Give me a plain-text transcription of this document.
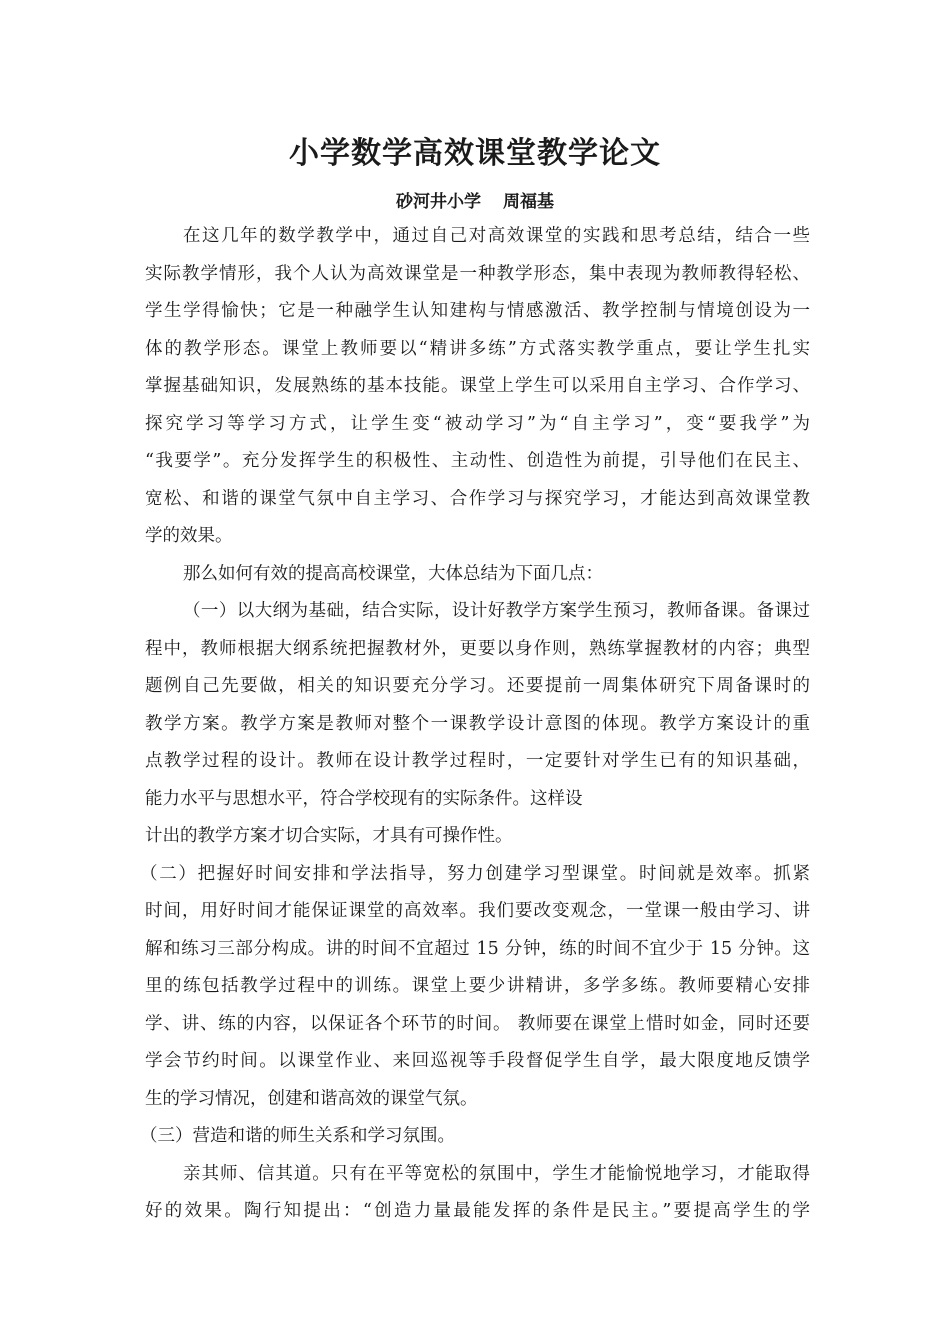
小学数学高效课堂教学论文
砂河井小学 周福基
在这几年的数学教学中，通过自己对高效课堂的实践和思考总结，结合一些
实际教学情形，我个人认为高效课堂是一种教学形态，集中表现为教师教得轻松、
学生学得愉快；它是一种融学生认知建构与情感激活、教学控制与情境创设为一
体的教学形态。课堂上教师要以“精讲多练”方式落实教学重点，要让学生扎实
掌握基础知识，发展熟练的基本技能。课堂上学生可以采用自主学习、合作学习、
探究学习等学习方式，让学生变“被动学习”为“自主学习”，变“要我学”为
“我要学”。充分发挥学生的积极性、主动性、创造性为前提，引导他们在民主、
宽松、和谐的课堂气氛中自主学习、合作学习与探究学习，才能达到高效课堂教
学的效果。
那么如何有效的提高高校课堂，大体总结为下面几点：
（一）以大纲为基础，结合实际，设计好教学方案学生预习，教师备课。备课过
程中，教师根据大纲系统把握教材外，更要以身作则，熟练掌握教材的内容；典型
题例自己先要做，相关的知识要充分学习。还要提前一周集体研究下周备课时的
教学方案。教学方案是教师对整个一课教学设计意图的体现。教学方案设计的重
点教学过程的设计。教师在设计教学过程时，一定要针对学生已有的知识基础，
能力水平与思想水平，符合学校现有的实际条件。这样设
计出的教学方案才切合实际，才具有可操作性。
（二）把握好时间安排和学法指导，努力创建学习型课堂。时间就是效率。抓紧
时间，用好时间才能保证课堂的高效率。我们要改变观念，一堂课一般由学习、讲
解和练习三部分构成。讲的时间不宜超过 15 分钟，练的时间不宜少于 15 分钟。这
里的练包括教学过程中的训练。课堂上要少讲精讲，多学多练。教师要精心安排
学、讲、练的内容，以保证各个环节的时间。 教师要在课堂上惜时如金，同时还要
学会节约时间。以课堂作业、来回巡视等手段督促学生自学，最大限度地反馈学
生的学习情况，创建和谐高效的课堂气氛。
（三）营造和谐的师生关系和学习氛围。
亲其师、信其道。只有在平等宽松的氛围中，学生才能愉悦地学习，才能取得
好的效果。陶行知提出：“创造力量最能发挥的条件是民主。”要提高学生的学
